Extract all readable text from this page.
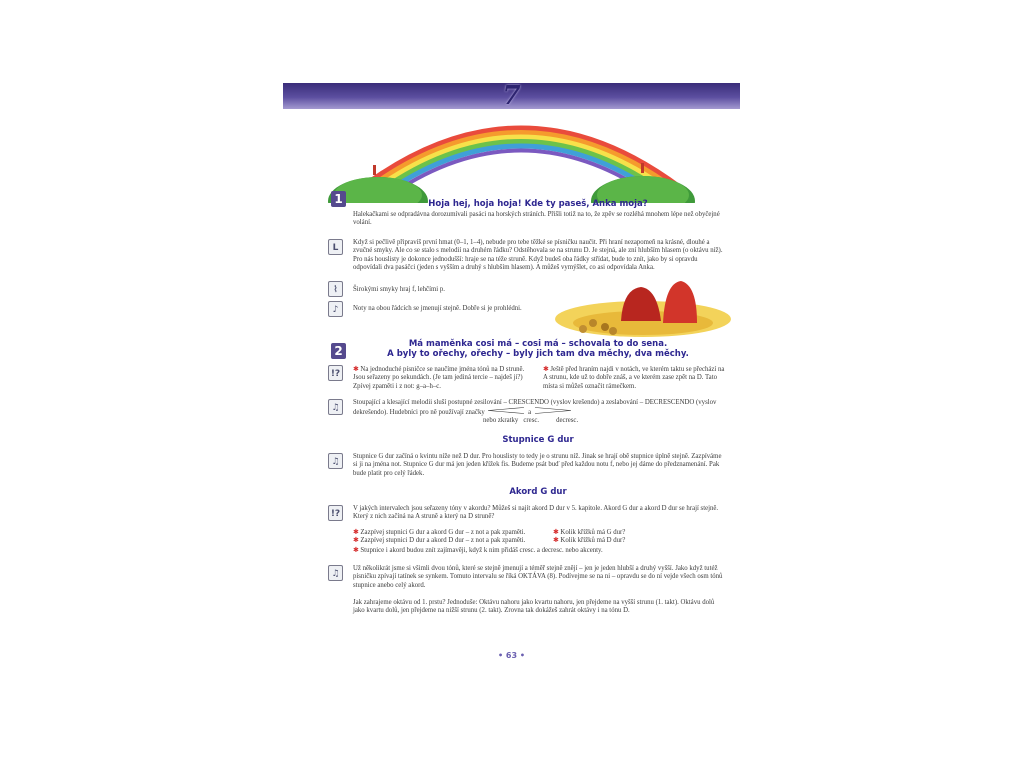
7
1	Hoja hej, hoja hoja! Kde ty paseš, Anka moja?
Halekačkami se odpradávna dorozumívali pasáci na horských stráních. Přišli totiž na to, že zpěv se rozléhá mnohem lépe než obyčejné volání.
L
Když si pečlivě připravíš první hmat (0–1, 1–4), nebude pro tebe těžké se písničku naučit. Při hraní nezapomeň na krásné, dlouhé a zvučné smyky. Ale co se stalo s melodií na druhém řádku? Odstěhovala se na strunu D. Je stejná, ale zní hlubším hlasem (o oktávu níž). Pro nás houslisty je dokonce jednodušší: hraje se na téže struně. Když budeš oba řádky střídat, bude to znít, jako by si opravdu odpovídali dva pasáčci (jeden s vyšším a druhý s hlubším hlasem). A můžeš vymýšlet, co asi odpovídala Anka.
⌇	Širokými smyky hraj f, lehčími p.
♪	Noty na obou řádcích se jmenují stejně. Dobře si je prohlédni.
2	Má maměnka cosi má – cosi má – schovala to do sena.
A byly to ořechy, ořechy – byly jich tam dva měchy, dva měchy.
!?	✱ Na jednoduché písničce se naučíme jména tónů na D struně. Jsou seřazeny po sekundách. (Je tam jediná tercie – najdeš ji?) Zpívej zpaměti i z not: g–a–h–c.
✱ Ještě před hraním najdi v notách, ve kterém taktu se přechází na A strunu, kde už to dobře znáš, a ve kterém zase zpět na D. Tato místa si můžeš označit rámečkem.
♫
Stoupající a klesající melodii sluší postupné zesilování – CRESCENDO (vyslov krešendo) a zeslabování – DECRESCENDO (vyslov dekrešendo). Hudebníci pro ně používají značky	a
nebo zkratky cresc.	decresc.
Stupnice G dur
♫
Stupnice G dur začíná o kvintu níže než D dur. Pro houslisty to tedy je o strunu níž. Jinak se hrají obě stupnice úplně stejně. Zazpíváme si ji na jména not. Stupnice G dur má jen jeden křížek fis. Budeme psát buď před každou notu f, nebo jej dáme do předznamenání. Pak bude platit pro celý řádek.
Akord G dur
!?
V jakých intervalech jsou seřazeny tóny v akordu? Můžeš si najít akord D dur v 5. kapitole. Akord G dur a akord D dur se hrají stejně. Který z nich začíná na A struně a který na D struně?
✱ Zazpívej stupnici G dur a akord G dur – z not a pak zpaměti.
✱ Zazpívej stupnici D dur a akord D dur – z not a pak zpaměti.
✱ Kolik křížků má G dur?
✱ Kolik křížků má D dur?
✱ Stupnice i akord budou znít zajímavěji, když k nim přidáš cresc. a decresc. nebo akcenty.
♫
Už několikrát jsme si všimli dvou tónů, které se stejně jmenují a téměř stejně znějí – jen je jeden hlubší a druhý vyšší. Jako když tutéž písničku zpívají tatínek se synkem. Tomuto intervalu se říká OKTÁVA (8). Podívejme se na ni – opravdu se do ní vejde všech osm tónů stupnice anebo celý akord.
Jak zahrajeme oktávu od 1. prstu? Jednoduše: Oktávu nahoru jako kvartu nahoru, jen přejdeme na vyšší strunu (1. takt). Oktávu dolů jako kvartu dolů, jen přejdeme na nižší strunu (2. takt). Zrovna tak dokážeš zahrát oktávy i na tónu D.
• 63 •
